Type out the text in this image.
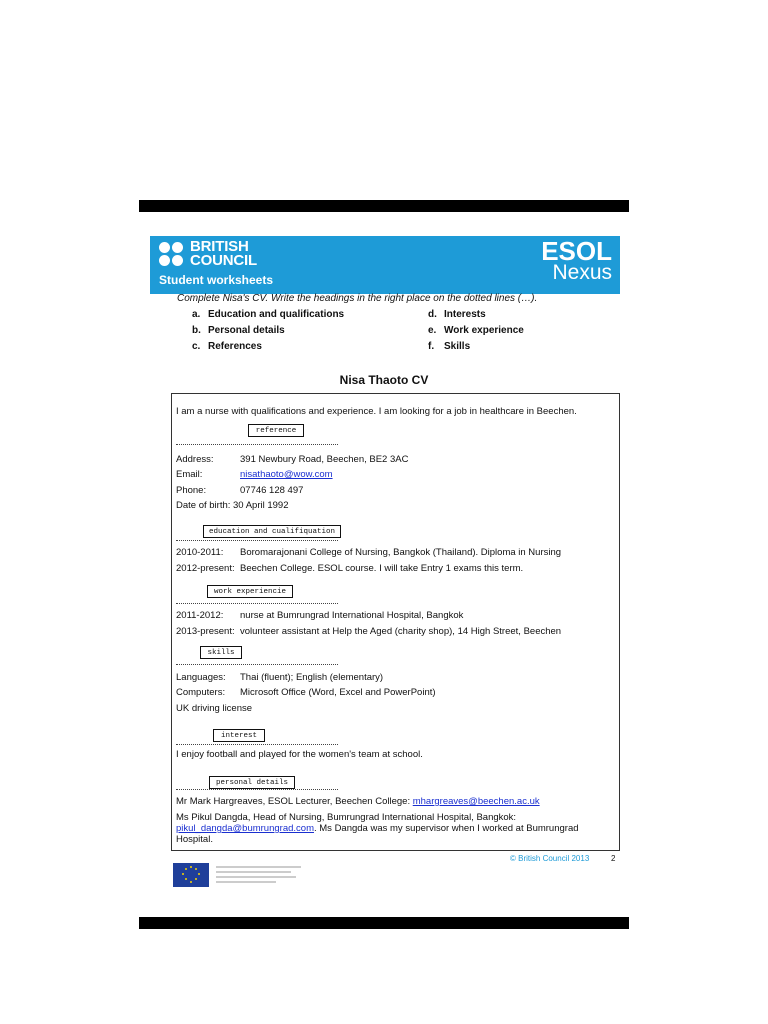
BRITISH
COUNCIL
Student worksheets
ESOL
Nexus
Complete Nisa's CV. Write the headings in the right place on the dotted lines (…).
a. Education and qualifications
b. Personal details
c. References
d. Interests
e. Work experience
f. Skills
Nisa Thaoto CV
I am a nurse with qualifications and experience. I am looking for a job in healthcare in Beechen.
reference
Address:	391 Newbury Road, Beechen, BE2 3AC
Email:	nisathaoto@wow.com
Phone:	07746 128 497
Date of birth: 30 April 1992
education and cualifiquation
2010-2011: Boromarajonani College of Nursing, Bangkok (Thailand). Diploma in Nursing
2012-present: Beechen College. ESOL course. I will take Entry 1 exams this term.
work experiencie
2011-2012: nurse at Bumrungrad International Hospital, Bangkok
2013-present: volunteer assistant at Help the Aged (charity shop), 14 High Street, Beechen
skills
Languages: Thai (fluent); English (elementary)
Computers: Microsoft Office (Word, Excel and PowerPoint)
UK driving license
interest
I enjoy football and played for the women's team at school.
personal details
Mr Mark Hargreaves, ESOL Lecturer, Beechen College: mhargreaves@beechen.ac.uk
Ms Pikul Dangda, Head of Nursing, Bumrungrad International Hospital, Bangkok:
pikul_dangda@bumrungrad.com. Ms Dangda was my supervisor when I worked at Bumrungrad
Hospital.
© British Council 2013	2
